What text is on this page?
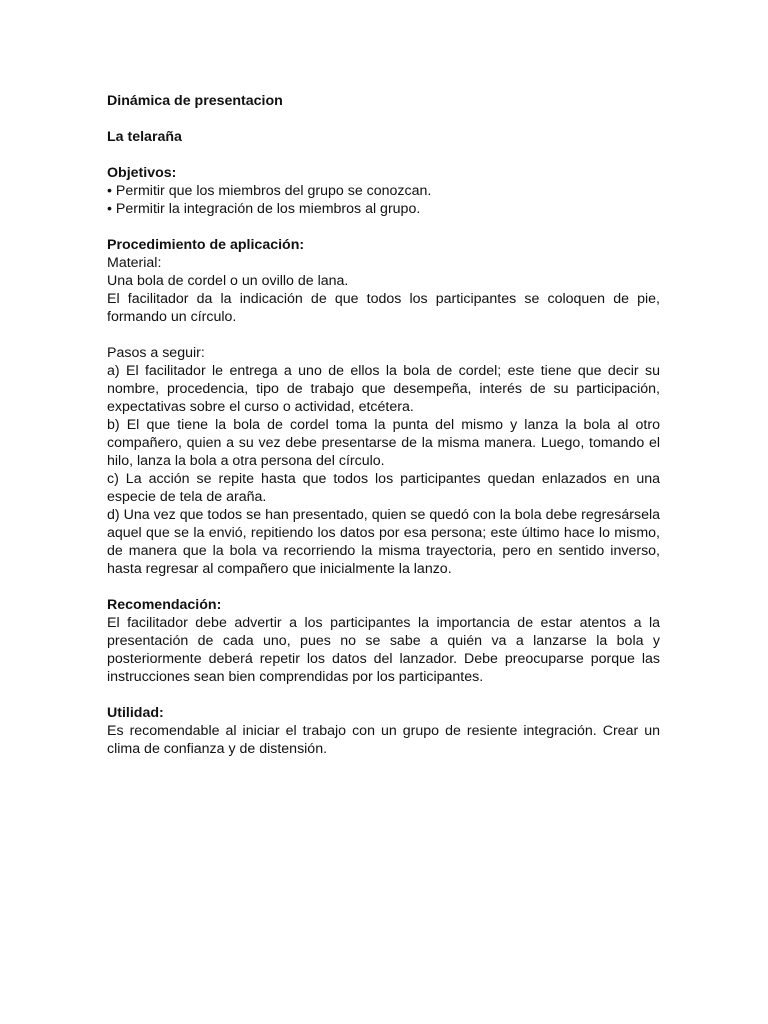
Dinámica de presentacion
La telaraña
Objetivos:
• Permitir que los miembros del grupo se conozcan.
• Permitir la integración de los miembros al grupo.
Procedimiento de aplicación:
Material:
Una bola de cordel o un ovillo de lana.
El facilitador da la indicación de que todos los participantes se coloquen de pie, formando un círculo.
Pasos a seguir:
a) El facilitador le entrega a uno de ellos la bola de cordel; este tiene que decir su nombre, procedencia, tipo de trabajo que desempeña, interés de su participación, expectativas sobre el curso o actividad, etcétera.
b) El que tiene la bola de cordel toma la punta del mismo y lanza la bola al otro compañero, quien a su vez debe presentarse de la misma manera. Luego, tomando el hilo, lanza la bola a otra persona del círculo.
c) La acción se repite hasta que todos los participantes quedan enlazados en una especie de tela de araña.
d) Una vez que todos se han presentado, quien se quedó con la bola debe regresársela aquel que se la envió, repitiendo los datos por esa persona; este último hace lo mismo, de manera que la bola va recorriendo la misma trayectoria, pero en sentido inverso, hasta regresar al compañero que inicialmente la lanzo.
Recomendación:
El facilitador debe advertir a los participantes la importancia de estar atentos a la presentación de cada uno, pues no se sabe a quién va a lanzarse la bola y posteriormente deberá repetir los datos del lanzador. Debe preocuparse porque las instrucciones sean bien comprendidas por los participantes.
Utilidad:
Es recomendable al iniciar el trabajo con un grupo de resiente integración. Crear un clima de confianza y de distensión.
